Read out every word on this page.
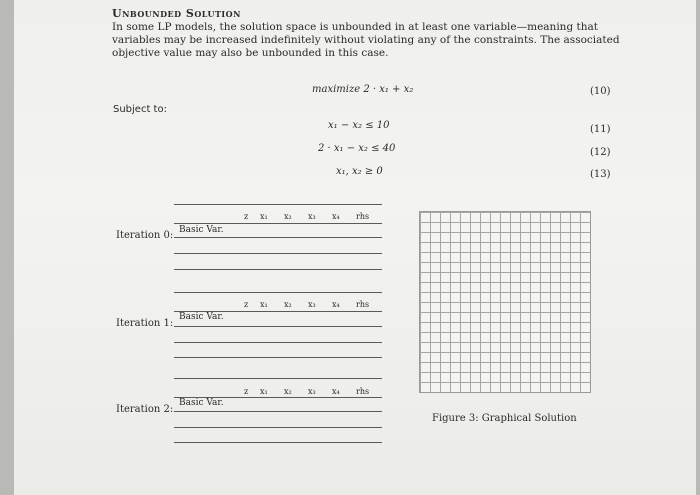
Unbounded Solution
In some LP models, the solution space is unbounded in at least one variable—meaning that variables may be increased indefinitely without violating any of the constraints. The associated objective value may also be unbounded in this case.
maximize 2 · x₁ + x₂	(10)
Subject to:
x₁ − x₂ ≤ 10	(11)
2 · x₁ − x₂ ≤ 40	(12)
x₁, x₂ ≥ 0	(13)
z x₁ x₂ x₃ x₄ rhs
Basic Var.
Iteration 0:
z x₁ x₂ x₃ x₄ rhs
Basic Var.
Iteration 1:
z x₁ x₂ x₃ x₄ rhs
Basic Var.
Iteration 2:
Figure 3: Graphical Solution
